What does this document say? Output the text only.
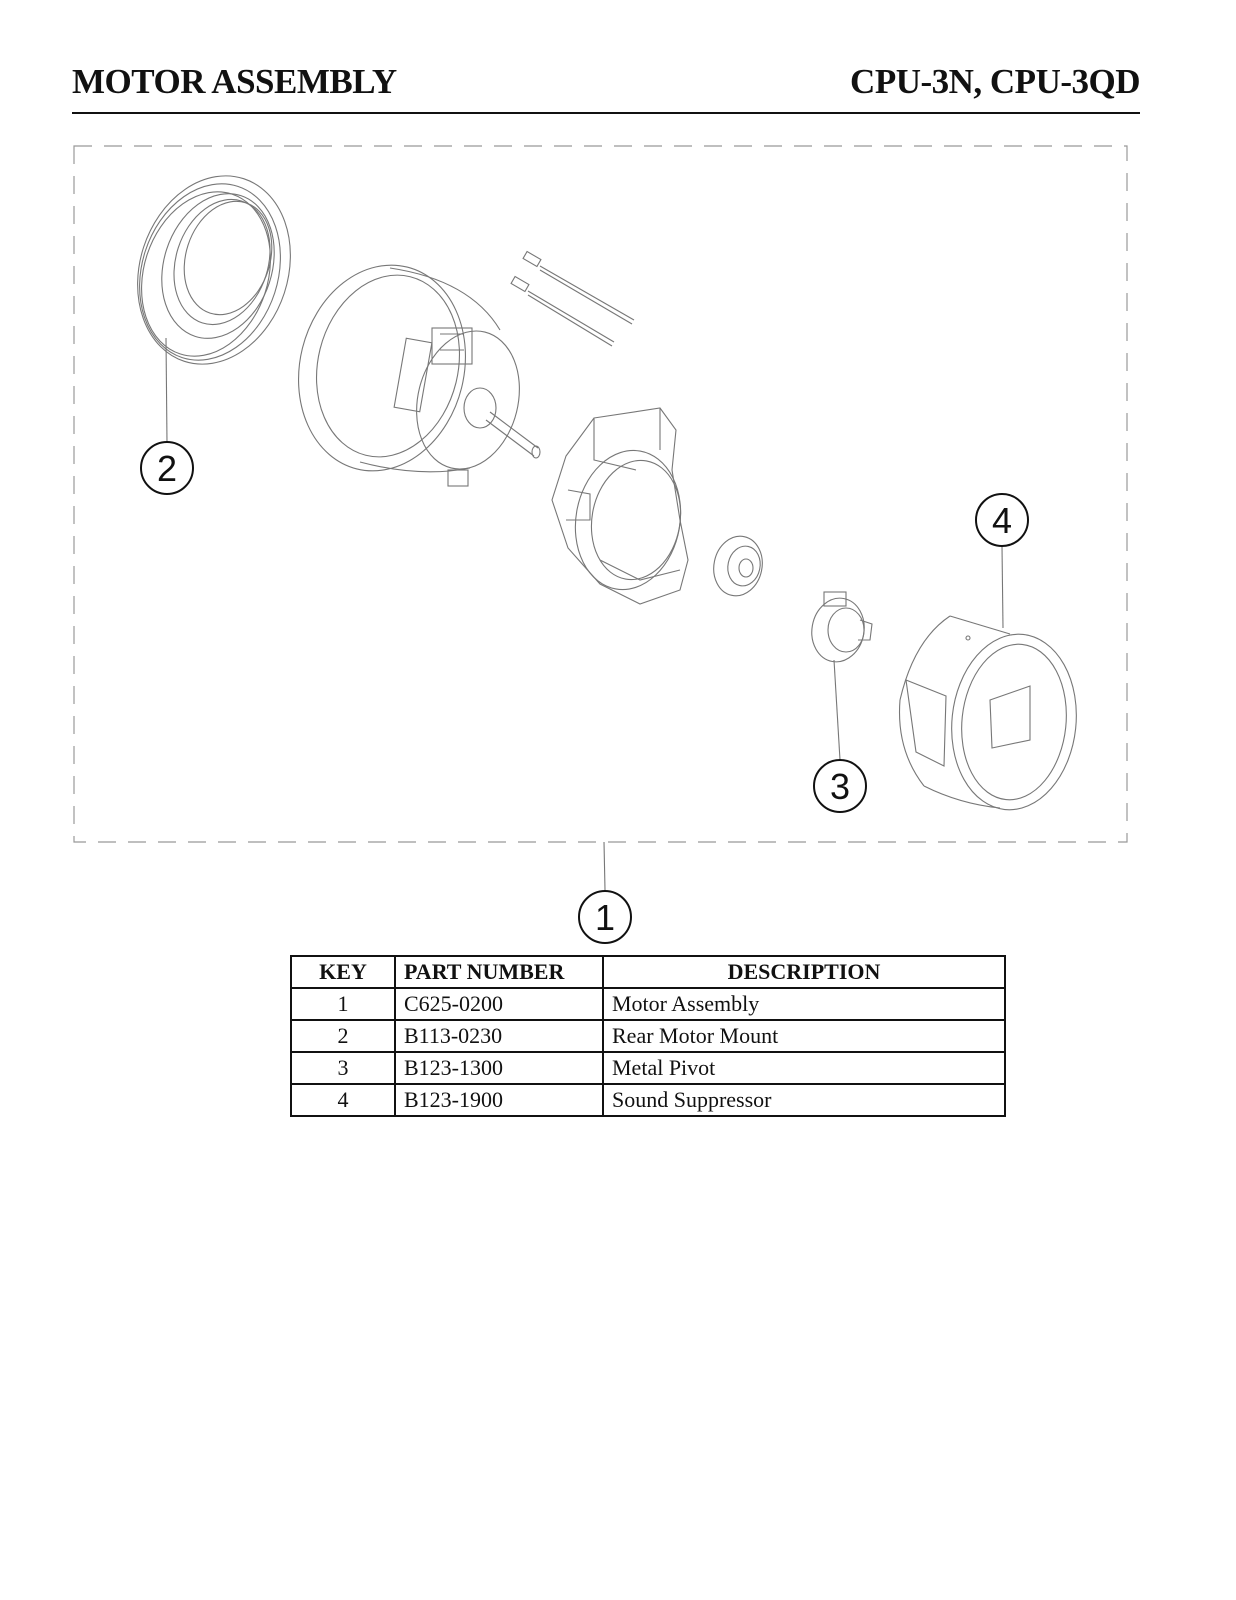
MOTOR ASSEMBLY	CPU-3N, CPU-3QD
1
2
3
4
KEY	PART NUMBER	DESCRIPTION
1	C625-0200	Motor Assembly
2	B113-0230	Rear Motor Mount
3	B123-1300	Metal Pivot
4	B123-1900	Sound Suppressor
